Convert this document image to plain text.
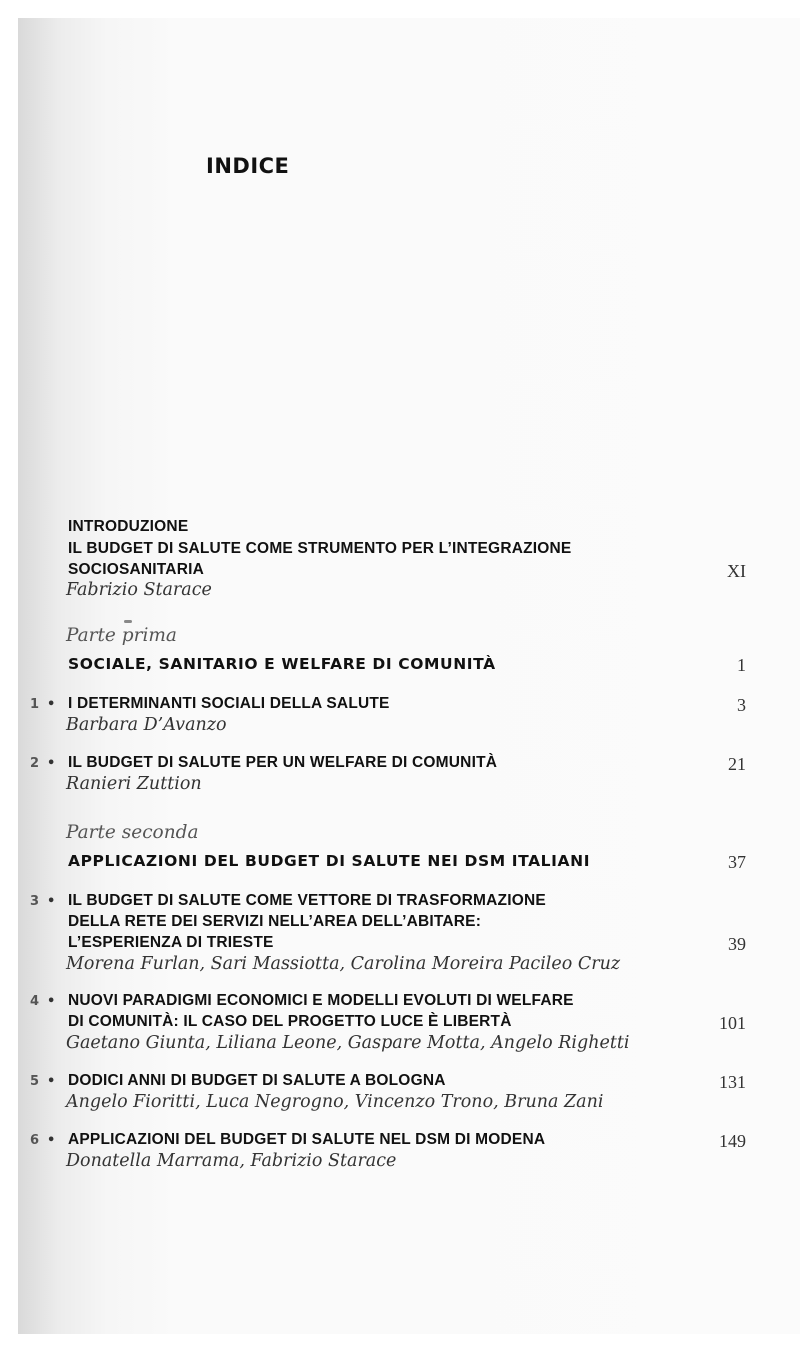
INDICE
INTRODUZIONE
IL BUDGET DI SALUTE COME STRUMENTO PER L’INTEGRAZIONE
SOCIOSANITARIA	XI
Fabrizio Starace
Parte prima
SOCIALE, SANITARIO E WELFARE DI COMUNITÀ	1
1 • I DETERMINANTI SOCIALI DELLA SALUTE	3
Barbara D’Avanzo
2 • IL BUDGET DI SALUTE PER UN WELFARE DI COMUNITÀ	21
Ranieri Zuttion
Parte seconda
APPLICAZIONI DEL BUDGET DI SALUTE NEI DSM ITALIANI	37
3 • IL BUDGET DI SALUTE COME VETTORE DI TRASFORMAZIONE
DELLA RETE DEI SERVIZI NELL’AREA DELL’ABITARE:
L’ESPERIENZA DI TRIESTE	39
Morena Furlan, Sari Massiotta, Carolina Moreira Pacileo Cruz
4 • NUOVI PARADIGMI ECONOMICI E MODELLI EVOLUTI DI WELFARE
DI COMUNITÀ: IL CASO DEL PROGETTO LUCE È LIBERTÀ	101
Gaetano Giunta, Liliana Leone, Gaspare Motta, Angelo Righetti
5 • DODICI ANNI DI BUDGET DI SALUTE A BOLOGNA	131
Angelo Fioritti, Luca Negrogno, Vincenzo Trono, Bruna Zani
6 • APPLICAZIONI DEL BUDGET DI SALUTE NEL DSM DI MODENA	149
Donatella Marrama, Fabrizio Starace
